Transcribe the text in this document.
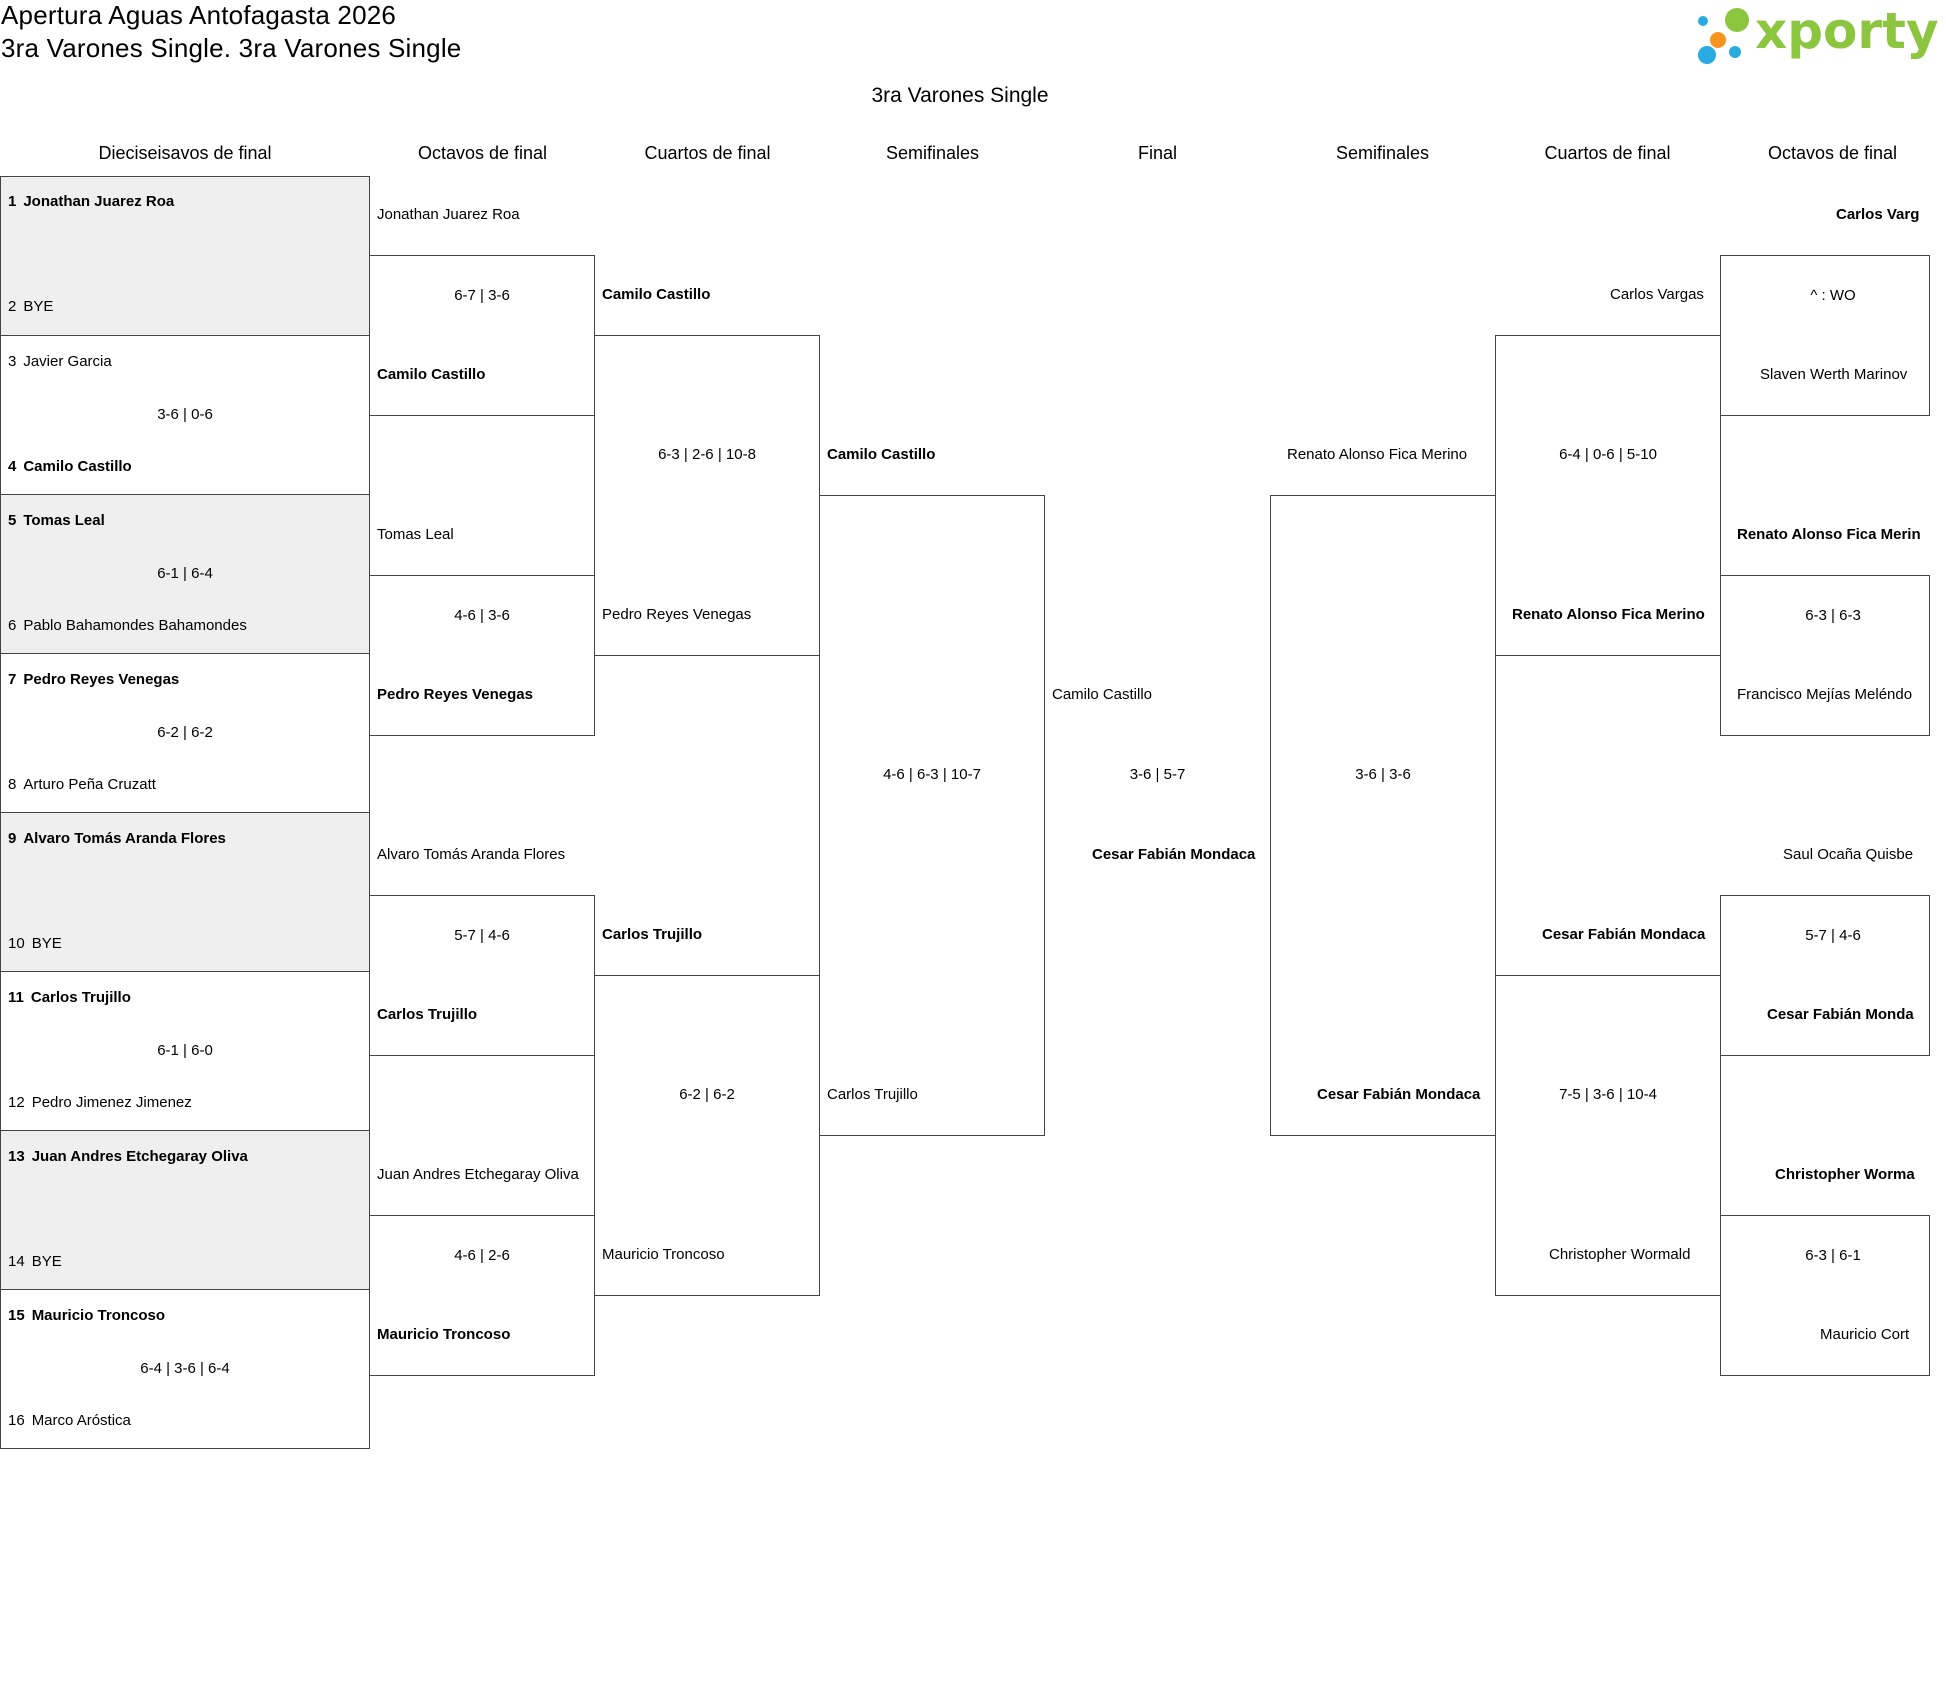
Apertura Aguas Antofagasta 2026
3ra Varones Single. 3ra Varones Single	xporty
3ra Varones Single
Dieciseisavos de final	Octavos de final	Cuartos de final	Semifinales	Final	Semifinales	Cuartos de final	Octavos de final
1 Jonathan Juarez Roa
2 BYE
3 Javier Garcia
3-6 | 0-6
4 Camilo Castillo
5 Tomas Leal
6-1 | 6-4
6 Pablo Bahamondes Bahamondes
7 Pedro Reyes Venegas
6-2 | 6-2
8 Arturo Peña Cruzatt
9 Alvaro Tomás Aranda Flores
10 BYE
11 Carlos Trujillo
6-1 | 6-0
12 Pedro Jimenez Jimenez
13 Juan Andres Etchegaray Oliva
14 BYE
15 Mauricio Troncoso
6-4 | 3-6 | 6-4
16 Marco Aróstica
Jonathan Juarez Roa
6-7 | 3-6
Camilo Castillo
Tomas Leal
4-6 | 3-6
Pedro Reyes Venegas
Alvaro Tomás Aranda Flores
5-7 | 4-6
Carlos Trujillo
Juan Andres Etchegaray Oliva
4-6 | 2-6
Mauricio Troncoso
Camilo Castillo
6-3 | 2-6 | 10-8
Pedro Reyes Venegas
Carlos Trujillo
6-2 | 6-2
Mauricio Troncoso
Camilo Castillo
4-6 | 6-3 | 10-7
Carlos Trujillo
Camilo Castillo
3-6 | 5-7
Cesar Fabián Mondaca
Renato Alonso Fica Merino
3-6 | 3-6
Cesar Fabián Mondaca
Carlos Vargas
6-4 | 0-6 | 5-10
Renato Alonso Fica Merino
Cesar Fabián Mondaca
7-5 | 3-6 | 10-4
Christopher Wormald
Carlos Varg
^ : WO
Slaven Werth Marinov
Renato Alonso Fica Merin
6-3 | 6-3
Francisco Mejías Meléndo
Saul Ocaña Quisbe
5-7 | 4-6
Cesar Fabián Monda
Christopher Worma
6-3 | 6-1
Mauricio Cort
